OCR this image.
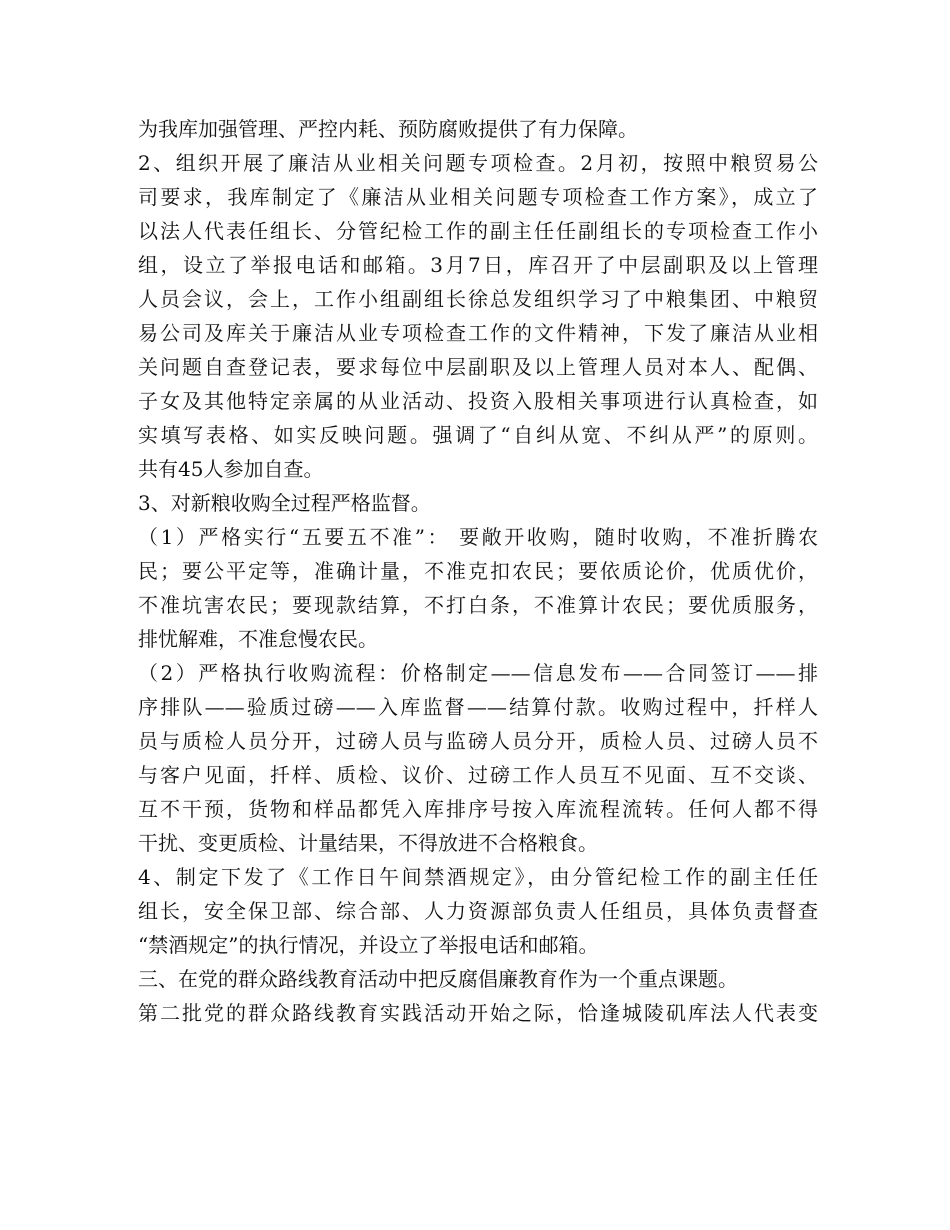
为我库加强管理、严控内耗、预防腐败提供了有力保障。
2、组织开展了廉洁从业相关问题专项检查。2月初，按照中粮贸易公
司要求，我库制定了《廉洁从业相关问题专项检查工作方案》，成立了
以法人代表任组长、分管纪检工作的副主任任副组长的专项检查工作小
组，设立了举报电话和邮箱。3月7日，库召开了中层副职及以上管理
人员会议，会上，工作小组副组长徐总发组织学习了中粮集团、中粮贸
易公司及库关于廉洁从业专项检查工作的文件精神，下发了廉洁从业相
关问题自查登记表，要求每位中层副职及以上管理人员对本人、配偶、
子女及其他特定亲属的从业活动、投资入股相关事项进行认真检查，如
实填写表格、如实反映问题。强调了“自纠从宽、不纠从严”的原则。
共有45人参加自查。
3、对新粮收购全过程严格监督。
（1）严格实行“五要五不准”： 要敞开收购，随时收购，不准折腾农
民；要公平定等，准确计量，不准克扣农民；要依质论价，优质优价，
不准坑害农民；要现款结算，不打白条，不准算计农民；要优质服务，
排忧解难，不准怠慢农民。
（2）严格执行收购流程：价格制定——信息发布——合同签订——排
序排队——验质过磅——入库监督——结算付款。收购过程中，扦样人
员与质检人员分开，过磅人员与监磅人员分开，质检人员、过磅人员不
与客户见面，扦样、质检、议价、过磅工作人员互不见面、互不交谈、
互不干预，货物和样品都凭入库排序号按入库流程流转。任何人都不得
干扰、变更质检、计量结果，不得放进不合格粮食。
4、制定下发了《工作日午间禁酒规定》，由分管纪检工作的副主任任
组长，安全保卫部、综合部、人力资源部负责人任组员，具体负责督查
“禁酒规定”的执行情况，并设立了举报电话和邮箱。
三、在党的群众路线教育活动中把反腐倡廉教育作为一个重点课题。
第二批党的群众路线教育实践活动开始之际，恰逢城陵矶库法人代表变
